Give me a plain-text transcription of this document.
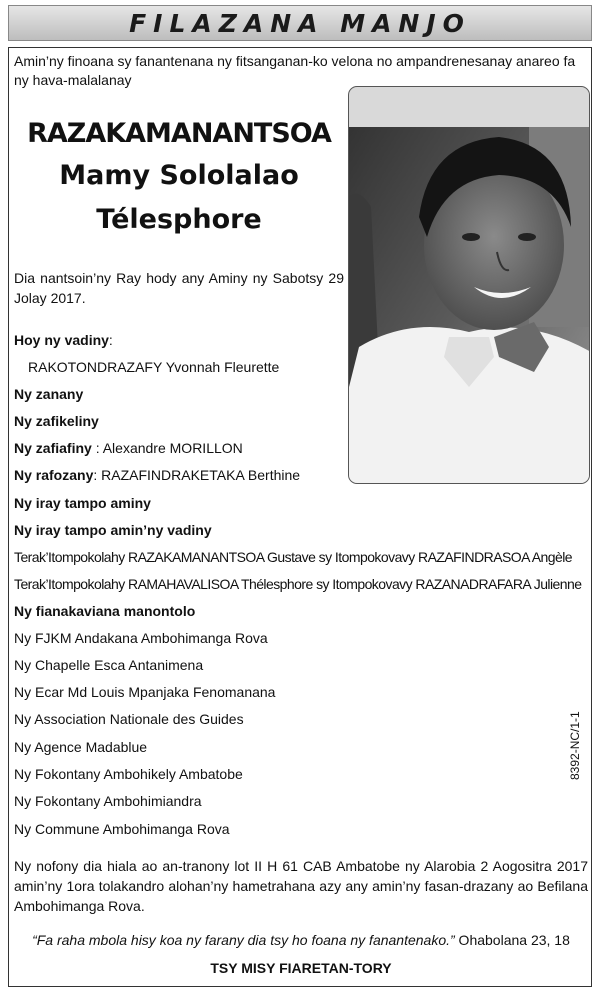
FILAZANA MANJO
Amin’ny finoana sy fanantenana ny fitsanganan-ko velona no ampandrenesanay anareo fa ny hava-malalanay
RAZAKAMANANTSOA
Mamy Sololalao
Télesphore
Dia nantsoin’ny Ray hody any Aminy ny Sabotsy 29 Jolay 2017.
Hoy ny vadiny:
RAKOTONDRAZAFY Yvonnah Fleurette
Ny zanany
Ny zafikeliny
Ny zafiafiny : Alexandre MORILLON
Ny rafozany: RAZAFINDRAKETAKA Berthine
Ny iray tampo aminy
Ny iray tampo amin’ny vadiny
Terak’Itompokolahy RAZAKAMANANTSOA Gustave sy Itompokovavy RAZAFINDRASOA Angèle
Terak’Itompokolahy RAMAHAVALISOA Thélesphore sy Itompokovavy RAZANADRAFARA Julienne
Ny fianakaviana manontolo
Ny FJKM Andakana Ambohimanga Rova
Ny Chapelle Esca Antanimena
Ny Ecar Md Louis Mpanjaka Fenomanana
Ny Association Nationale des Guides
Ny Agence Madablue
Ny Fokontany Ambohikely Ambatobe
Ny Fokontany Ambohimiandra
Ny Commune Ambohimanga Rova
8392-NC/1-1
Ny nofony dia hiala ao an-tranony lot II H 61 CAB Ambatobe ny Alarobia 2 Aogositra 2017 amin’ny 1ora tolakandro alohan’ny hametrahana azy any amin’ny fasan-drazany ao Befilana Ambohimanga Rova.
“Fa raha mbola hisy koa ny farany dia tsy ho foana ny fanantenako.” Ohabolana 23, 18
TSY MISY FIARETAN-TORY
